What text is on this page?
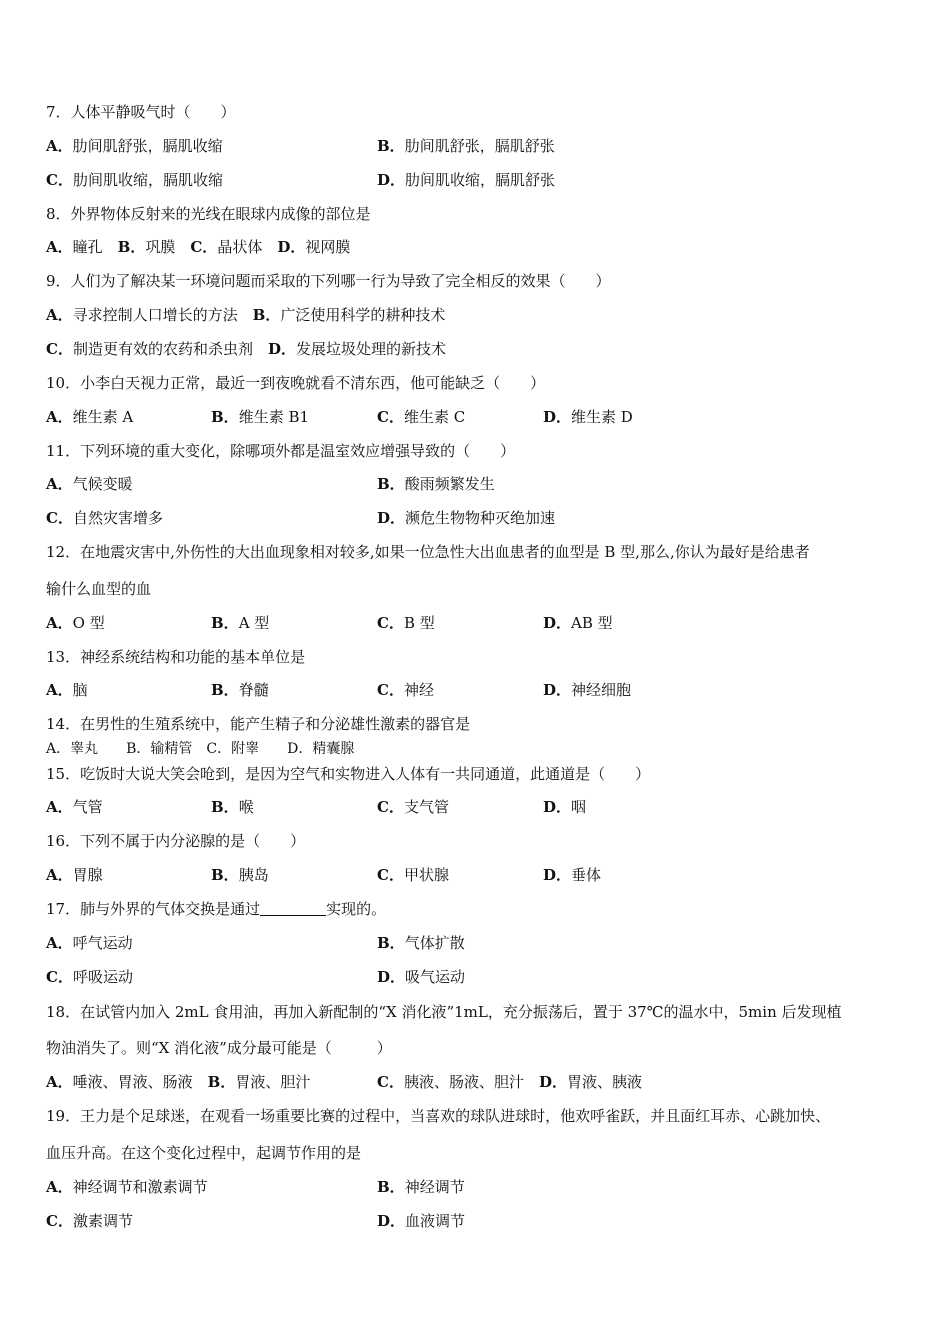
7．人体平静吸气时（　　）
A．肋间肌舒张，膈肌收缩	B．肋间肌舒张，膈肌舒张
C．肋间肌收缩，膈肌收缩	D．肋间肌收缩，膈肌舒张
8．外界物体反射来的光线在眼球内成像的部位是
A．瞳孔　B．巩膜　C．晶状体　D．视网膜
9．人们为了解决某一环境问题而采取的下列哪一行为导致了完全相反的效果（　　）
A．寻求控制人口增长的方法　B．广泛使用科学的耕种技术
C．制造更有效的农药和杀虫剂　D．发展垃圾处理的新技术
10．小李白天视力正常，最近一到夜晚就看不清东西，他可能缺乏（　　）
A．维生素 A	B．维生素 B1	C．维生素 C	D．维生素 D
11．下列环境的重大变化，除哪项外都是温室效应增强导致的（　　）
A．气候变暖	B．酸雨频繁发生
C．自然灾害增多	D．濒危生物物种灭绝加速
12．在地震灾害中,外伤性的大出血现象相对较多,如果一位急性大出血患者的血型是 B 型,那么,你认为最好是给患者
输什么血型的血
A．O 型	B．A 型	C．B 型	D．AB 型
13．神经系统结构和功能的基本单位是
A．脑	B．脊髓	C．神经	D．神经细胞
14．在男性的生殖系统中，能产生精子和分泌雄性激素的器官是
A．睾丸　　B．输精管　C．附睾　　D．精囊腺
15．吃饭时大说大笑会呛到，是因为空气和实物进入人体有一共同通道，此通道是（　　）
A．气管	B．喉	C．支气管	D．咽
16．下列不属于内分泌腺的是（　　）
A．胃腺	B．胰岛	C．甲状腺	D．垂体
17．肺与外界的气体交换是通过	实现的。
A．呼气运动	B．气体扩散
C．呼吸运动	D．吸气运动
18．在试管内加入 2mL 食用油，再加入新配制的“X 消化液”1mL，充分振荡后，置于 37℃的温水中，5min 后发现植
物油消失了。则“X 消化液”成分最可能是（　　　）
A．唾液、胃液、肠液　B．胃液、胆汁	C．胰液、肠液、胆汁　D．胃液、胰液
19．王力是个足球迷，在观看一场重要比赛的过程中，当喜欢的球队进球时，他欢呼雀跃，并且面红耳赤、心跳加快、
血压升高。在这个变化过程中，起调节作用的是
A．神经调节和激素调节	B．神经调节
C．激素调节	D．血液调节
